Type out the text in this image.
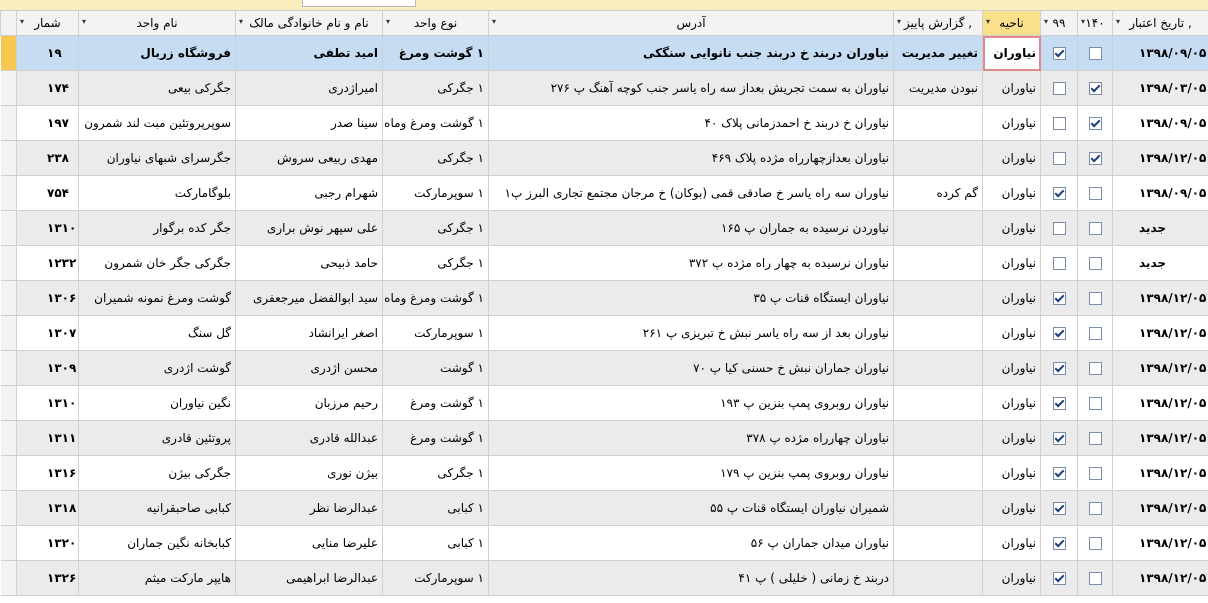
	▾ شمار	▾ نام واحد	▾ نام و نام خانوادگی مالک	▾ نوع واحد	▾ آدرس	▾ گزارش پاییز ,	▾ ناحیه	▾ ۹۹	▾ ۱۴۰	▾ تاریخ اعتبار ,
	۱۹	فروشگاه زربال	امید تطفی	۱ گوشت ومرغ	نیاوران دربند خ دربند جنب نانوایی سنگکی	تغییر مدیریت	نیاوران			۱۳۹۸/۰۹/۰۵
	۱۷۴	جگرکی بیعی	امیراژدری	۱ جگرکی	نیاوران به سمت تجریش بعداز سه راه یاسر جنب کوچه آهنگ پ ۲۷۶	نبودن مدیریت	نیاوران			۱۳۹۸/۰۳/۰۵
	۱۹۷	سوپرپروتئین مبت لند شمرون	سینا صدر	۱ گوشت ومرغ وماه	نیاوران خ دربند خ احمدزمانی پلاک ۴۰		نیاوران			۱۳۹۸/۰۹/۰۵
	۲۳۸	جگرسرای شبهای نیاوران	مهدی ربیعی سروش	۱ جگرکی	نیاوران بعدازچهارراه مژده پلاک ۴۶۹		نیاوران			۱۳۹۸/۱۲/۰۵
	۷۵۴	بلوگامارکت	شهرام رجبی	۱ سوپرمارکت	نیاوران سه راه یاسر خ صادقی قمی (بوکان) خ مرجان مجتمع تجاری البرز پ۱	گم کرده	نیاوران			۱۳۹۸/۰۹/۰۵
	۱۳۱۰	جگر کده برگوار	علی سپهر نوش براری	۱ جگرکی	نیاوردن نرسیده به جماران پ ۱۶۵		نیاوران			جدید
	۱۲۳۲	جگرکی جگر خان شمرون	حامد ذبیحی	۱ جگرکی	نیاوران نرسیده به چهار راه مژده پ ۳۷۲		نیاوران			جدید
	۱۳۰۶	گوشت ومرغ نمونه شمیران	سید ابوالفضل میرجعفری	۱ گوشت ومرغ وماه	نیاوران ایستگاه قنات پ ۳۵		نیاوران			۱۳۹۸/۱۲/۰۵
	۱۳۰۷	گل سنگ	اصغر ایرانشاد	۱ سوپرمارکت	نیاوران بعد از سه راه یاسر نبش خ تبریزی پ ۲۶۱		نیاوران			۱۳۹۸/۱۲/۰۵
	۱۳۰۹	گوشت اژدری	محسن اژدری	۱ گوشت	نیاوران جماران نبش خ حسنی کیا پ ۷۰		نیاوران			۱۳۹۸/۱۲/۰۵
	۱۳۱۰	نگین نیاوران	رحیم مرزبان	۱ گوشت ومرغ	نیاوران روبروی پمپ بنزین پ ۱۹۳		نیاوران			۱۳۹۸/۱۲/۰۵
	۱۳۱۱	پروتئین قادری	عبدالله قادری	۱ گوشت ومرغ	نیاوران چهارراه مژده پ ۳۷۸		نیاوران			۱۳۹۸/۱۲/۰۵
	۱۳۱۶	جگرکی بیژن	بیژن نوری	۱ جگرکی	نیاوران روبروی پمپ بنزین پ ۱۷۹		نیاوران			۱۳۹۸/۱۲/۰۵
	۱۳۱۸	کبابی صاحبقرانیه	عبدالرضا نظر	۱ کبابی	شمیران نیاوران ایستگاه قنات پ ۵۵		نیاوران			۱۳۹۸/۱۲/۰۵
	۱۳۲۰	کبابخانه نگین جماران	علیرضا منایی	۱ کبابی	نیاوران میدان جماران پ ۵۶		نیاوران			۱۳۹۸/۱۲/۰۵
	۱۳۲۶	هایپر مارکت میثم	عبدالرضا ابراهیمی	۱ سوپرمارکت	دربند خ زمانی ( خلیلی ) پ ۴۱		نیاوران			۱۳۹۸/۱۲/۰۵
